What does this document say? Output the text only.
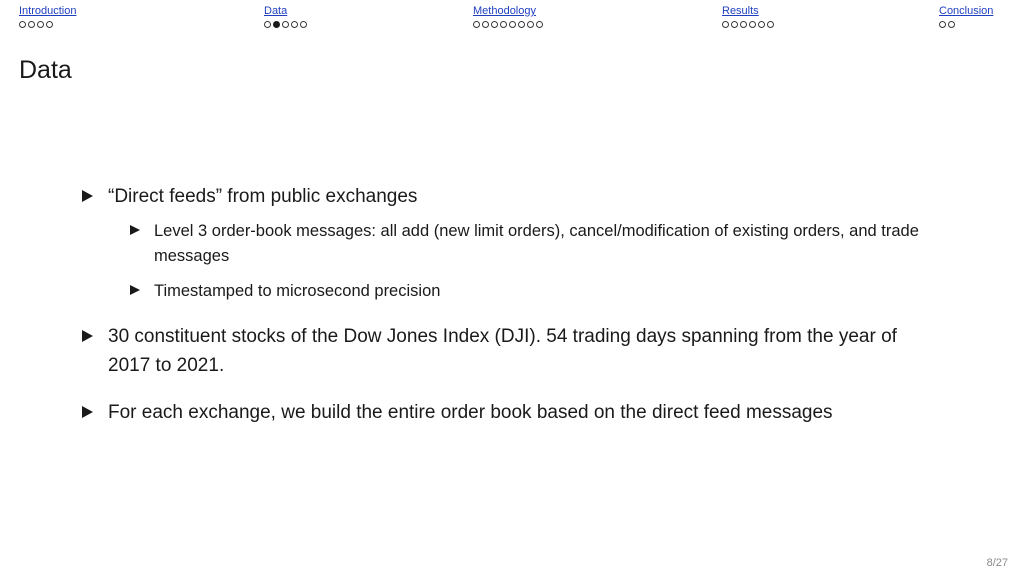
Introduction	Data	Methodology	Results	Conclusion
Data
“Direct feeds” from public exchanges
Level 3 order-book messages: all add (new limit orders), cancel/modification of existing orders, and trade messages
Timestamped to microsecond precision
30 constituent stocks of the Dow Jones Index (DJI). 54 trading days spanning from the year of 2017 to 2021.
For each exchange, we build the entire order book based on the direct feed messages
8/27
